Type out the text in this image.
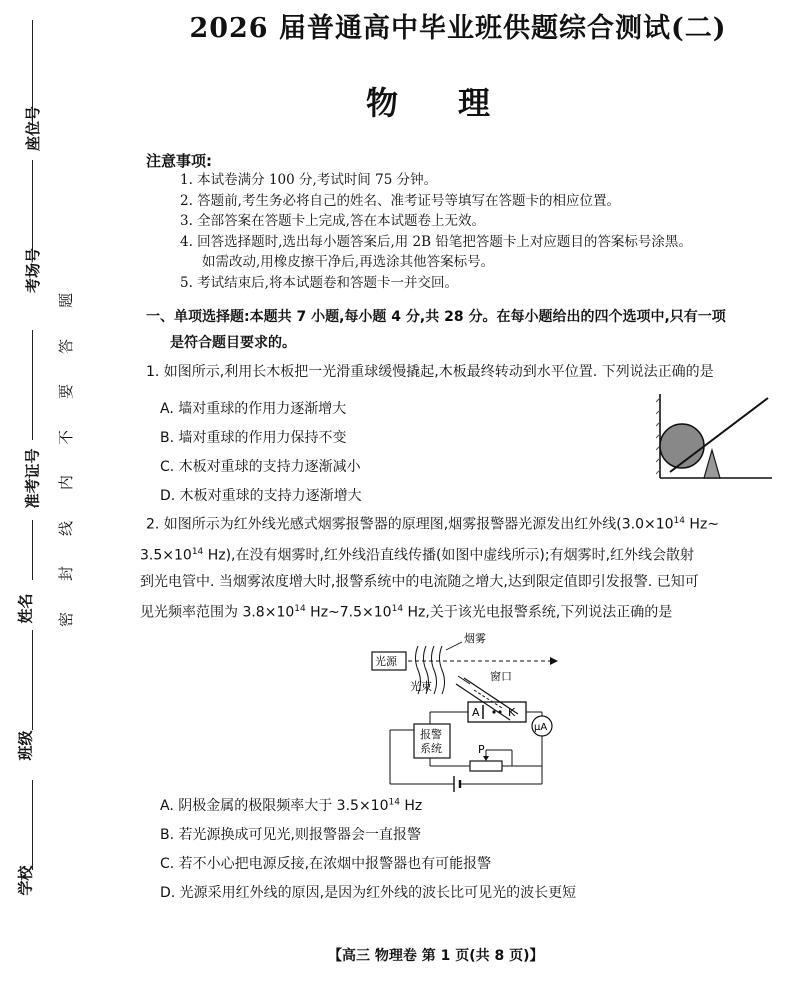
座位号
考场号
准考证号
姓名
班级
学校
密
封
线
内
不
要
答
题
2026 届普通高中毕业班供题综合测试(二)
物理
注意事项:
1. 本试卷满分 100 分,考试时间 75 分钟。
2. 答题前,考生务必将自己的姓名、准考证号等填写在答题卡的相应位置。
3. 全部答案在答题卡上完成,答在本试题卷上无效。
4. 回答选择题时,选出每小题答案后,用 2B 铅笔把答题卡上对应题目的答案标号涂黑。
如需改动,用橡皮擦干净后,再选涂其他答案标号。
5. 考试结束后,将本试题卷和答题卡一并交回。
一、单项选择题:本题共 7 小题,每小题 4 分,共 28 分。在每小题给出的四个选项中,只有一项
是符合题目要求的。
1. 如图所示,利用长木板把一光滑重球缓慢撬起,木板最终转动到水平位置. 下列说法正确的是
A. 墙对重球的作用力逐渐增大
B. 墙对重球的作用力保持不变
C. 木板对重球的支持力逐渐减小
D. 木板对重球的支持力逐渐增大
2. 如图所示为红外线光感式烟雾报警器的原理图,烟雾报警器光源发出红外线($3.0\times 10^{14}$ Hz~
$3.5\times 10^{14}$ Hz),在没有烟雾时,红外线沿直线传播(如图中虚线所示);有烟雾时,红外线会散射
到光电管中. 当烟雾浓度增大时,报警系统中的电流随之增大,达到限定值即引发报警. 已知可
见光频率范围为 $3.8\times 10^{14}$ $Hz\sim 7.5\times 10^{14}$ Hz,关于该光电报警系统,下列说法正确的是
光源
烟雾
窗口
光束
A	K
μA
报警
系统	P
A. 阴极金属的极限频率大于 $3.5\times 10^{14}$ Hz
B. 若光源换成可见光,则报警器会一直报警
C. 若不小心把电源反接,在浓烟中报警器也有可能报警
D. 光源采用红外线的原因,是因为红外线的波长比可见光的波长更短
【高三 物理卷 第 1 页(共 8 页)】
